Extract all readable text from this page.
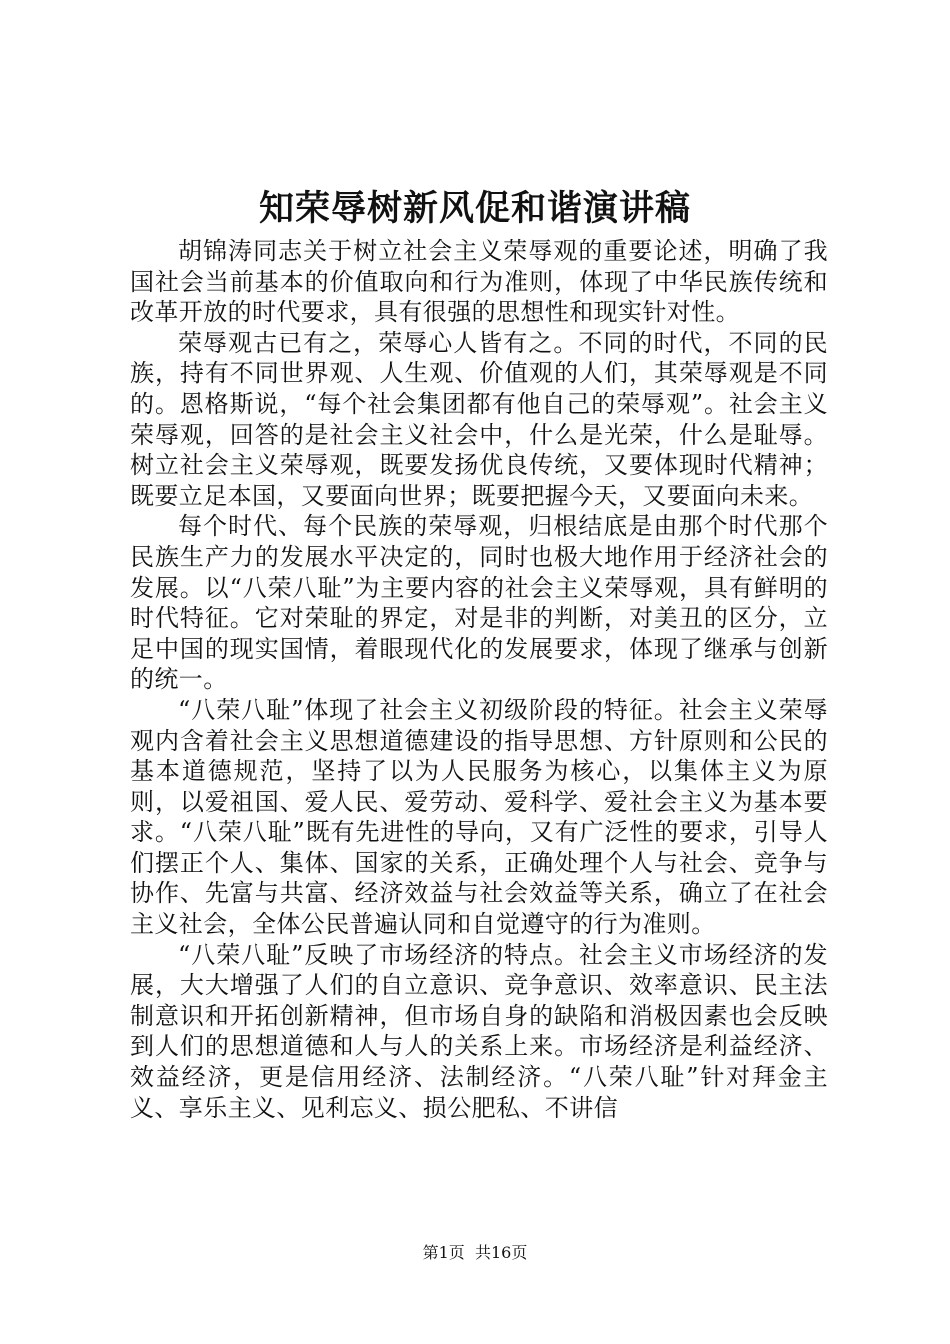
知荣辱树新风促和谐演讲稿

胡锦涛同志关于树立社会主义荣辱观的重要论述，明确了我国社会当前基本的价值取向和行为准则，体现了中华民族传统和改革开放的时代要求，具有很强的思想性和现实针对性。

荣辱观古已有之，荣辱心人皆有之。不同的时代，不同的民族，持有不同世界观、人生观、价值观的人们，其荣辱观是不同的。恩格斯说，“每个社会集团都有他自己的荣辱观”。社会主义荣辱观，回答的是社会主义社会中，什么是光荣，什么是耻辱。树立社会主义荣辱观，既要发扬优良传统，又要体现时代精神；既要立足本国，又要面向世界；既要把握今天，又要面向未来。

每个时代、每个民族的荣辱观，归根结底是由那个时代那个民族生产力的发展水平决定的，同时也极大地作用于经济社会的发展。以“八荣八耻”为主要内容的社会主义荣辱观，具有鲜明的时代特征。它对荣耻的界定，对是非的判断，对美丑的区分，立足中国的现实国情，着眼现代化的发展要求，体现了继承与创新的统一。

“八荣八耻”体现了社会主义初级阶段的特征。社会主义荣辱观内含着社会主义思想道德建设的指导思想、方针原则和公民的基本道德规范，坚持了以为人民服务为核心，以集体主义为原则，以爱祖国、爱人民、爱劳动、爱科学、爱社会主义为基本要求。“八荣八耻”既有先进性的导向，又有广泛性的要求，引导人们摆正个人、集体、国家的关系，正确处理个人与社会、竞争与协作、先富与共富、经济效益与社会效益等关系，确立了在社会主义社会，全体公民普遍认同和自觉遵守的行为准则。

“八荣八耻”反映了市场经济的特点。社会主义市场经济的发展，大大增强了人们的自立意识、竞争意识、效率意识、民主法制意识和开拓创新精神，但市场自身的缺陷和消极因素也会反映到人们的思想道德和人与人的关系上来。市场经济是利益经济、效益经济，更是信用经济、法制经济。“八荣八耻”针对拜金主义、享乐主义、见利忘义、损公肥私、不讲信

第1页 共16页
